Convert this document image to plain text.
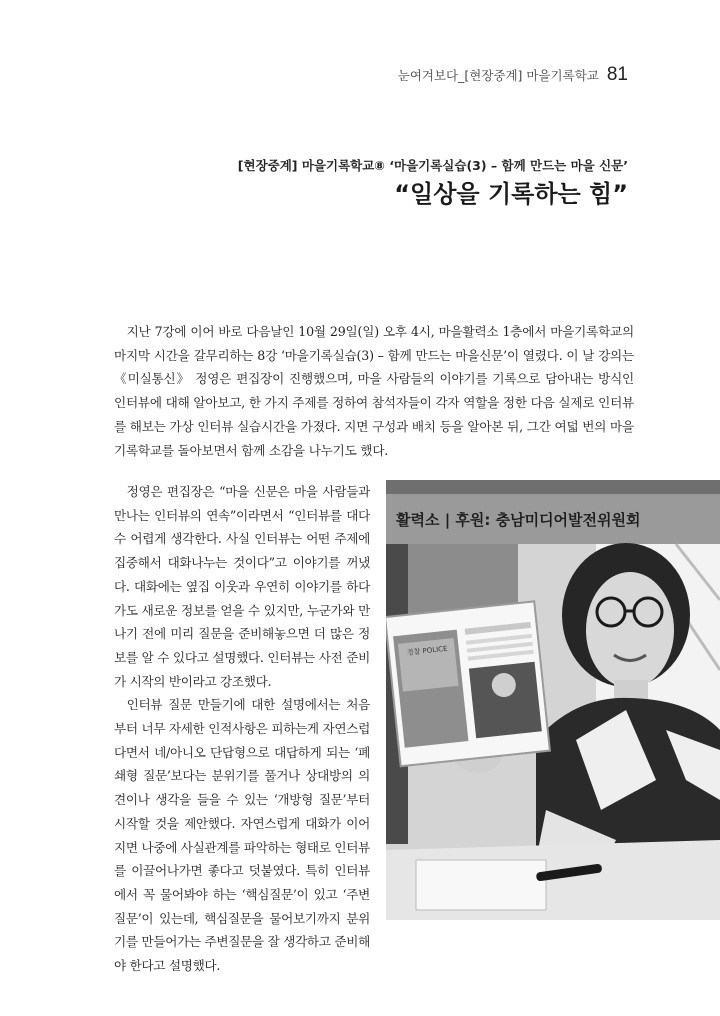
눈여겨보다_[현장중계] 마을기록학교 81
[현장중계] 마을기록학교⑧ ‘마을기록실습(3) – 함께 만드는 마을 신문’
“일상을 기록하는 힘”

지난 7강에 이어 바로 다음날인 10월 29일(일) 오후 4시, 마을활력소 1층에서 마을기록학교의 마지막 시간을 갈무리하는 8강 ‘마을기록실습(3) – 함께 만드는 마을신문’이 열렸다. 이 날 강의는 《미실통신》 정영은 편집장이 진행했으며, 마을 사람들의 이야기를 기록으로 담아내는 방식인 인터뷰에 대해 알아보고, 한 가지 주제를 정하여 참석자들이 각자 역할을 정한 다음 실제로 인터뷰를 해보는 가상 인터뷰 실습시간을 가졌다. 지면 구성과 배치 등을 알아본 뒤, 그간 여덟 번의 마을기록학교를 돌아보면서 함께 소감을 나누기도 했다.

정영은 편집장은 “마을 신문은 마을 사람들과 만나는 인터뷰의 연속”이라면서 “인터뷰를 대다수 어렵게 생각한다. 사실 인터뷰는 어떤 주제에 집중해서 대화나누는 것이다”고 이야기를 꺼냈다. 대화에는 옆집 이웃과 우연히 이야기를 하다가도 새로운 정보를 얻을 수 있지만, 누군가와 만나기 전에 미리 질문을 준비해놓으면 더 많은 정보를 알 수 있다고 설명했다. 인터뷰는 사전 준비가 시작의 반이라고 강조했다.

인터뷰 질문 만들기에 대한 설명에서는 처음부터 너무 자세한 인적사항은 피하는게 자연스럽다면서 네/아니오 단답형으로 대답하게 되는 ‘폐쇄형 질문’보다는 분위기를 풀거나 상대방의 의견이나 생각을 들을 수 있는 ‘개방형 질문’부터 시작할 것을 제안했다. 자연스럽게 대화가 이어지면 나중에 사실관계를 파악하는 형태로 인터뷰를 이끌어나가면 좋다고 덧붙였다. 특히 인터뷰에서 꼭 물어봐야 하는 ‘핵심질문’이 있고 ‘주변질문’이 있는데, 핵심질문을 물어보기까지 분위기를 만들어가는 주변질문을 잘 생각하고 준비해야 한다고 설명했다.

활력소 | 후원: 충남미디어발전위원회
경찰 POLICE
